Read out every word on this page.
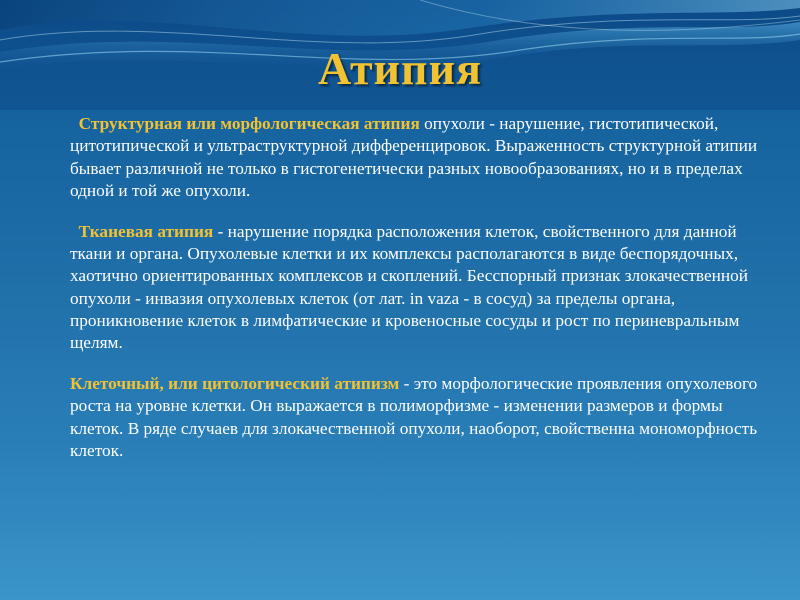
Атипия

Структурная или морфологическая атипия опухоли - нарушение, гистотипической, цитотипической и ультраструктурной дифференцировок. Выраженность структурной атипии бывает различной не только в гистогенетически разных новообразованиях, но и в пределах одной и той же опухоли.

Тканевая атипия - нарушение порядка расположения клеток, свойственного для данной ткани и органа. Опухолевые клетки и их комплексы располагаются в виде беспорядочных, хаотично ориентированных комплексов и скоплений. Бесспорный признак злокачественной опухоли - инвазия опухолевых клеток (от лат. in vaza - в сосуд) за пределы органа, проникновение клеток в лимфатические и кровеносные сосуды и рост по периневральным щелям.

Клеточный, или цитологический атипизм - это морфологические проявления опухолевого роста на уровне клетки. Он выражается в полиморфизме - изменении размеров и формы клеток. В ряде случаев для злокачественной опухоли, наоборот, свойственна мономорфность клеток.
